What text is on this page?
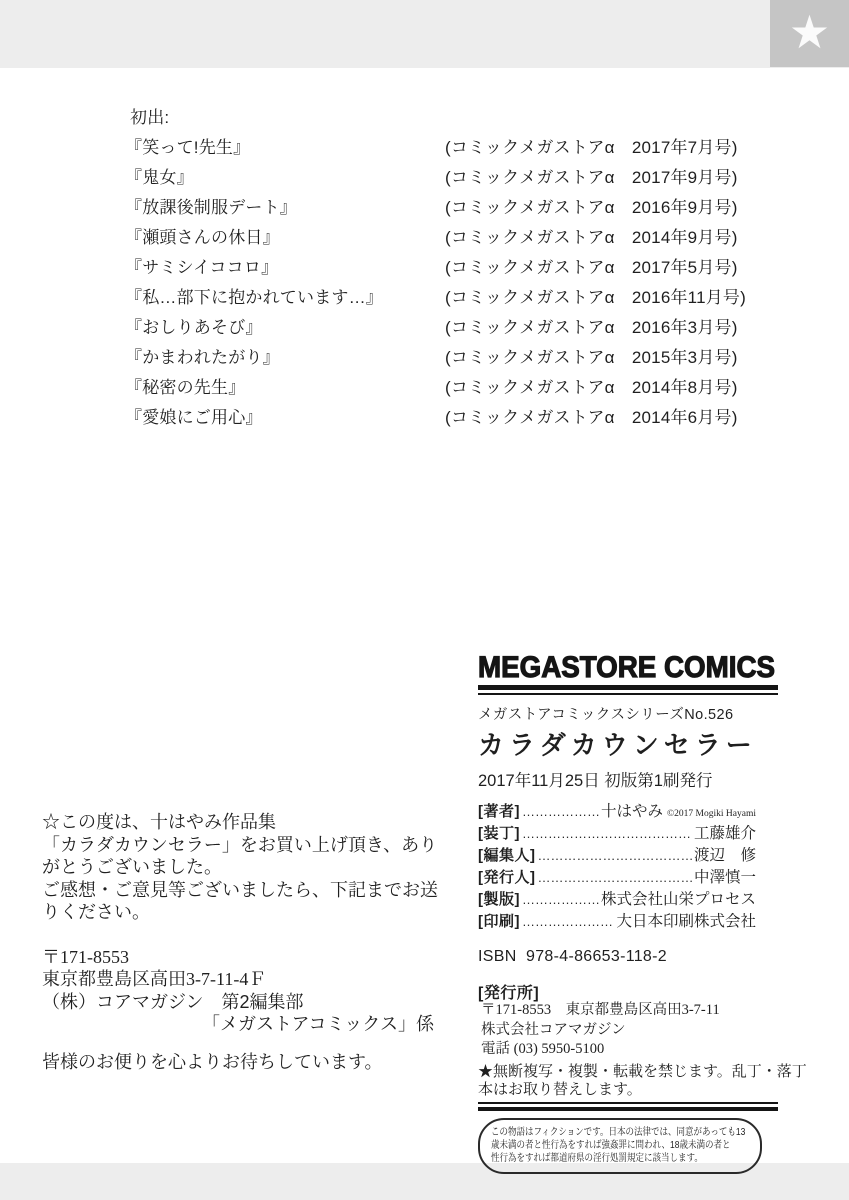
★
初出:
『笑って!先生』	(コミックメガストアα　2017年7月号)
『鬼女』	(コミックメガストアα　2017年9月号)
『放課後制服デート』	(コミックメガストアα　2016年9月号)
『瀬頭さんの休日』	(コミックメガストアα　2014年9月号)
『サミシイココロ』	(コミックメガストアα　2017年5月号)
『私…部下に抱かれています…』	(コミックメガストアα　2016年11月号)
『おしりあそび』	(コミックメガストアα　2016年3月号)
『かまわれたがり』	(コミックメガストアα　2015年3月号)
『秘密の先生』	(コミックメガストアα　2014年8月号)
『愛娘にご用心』	(コミックメガストアα　2014年6月号)
☆この度は、十はやみ作品集
「カラダカウンセラー」をお買い上げ頂き、あり
がとうございました。
ご感想・ご意見等ございましたら、下記までお送
りください。
〒171-8553
東京都豊島区高田3-7-11-4Ｆ
（株）コアマガジン　第2編集部
「メガストアコミックス」係
皆様のお便りを心よりお待ちしています。
MEGASTORE COMICS
メガストアコミックスシリーズNo.526
カラダカウンセラー
2017年11月25日 初版第1刷発行
[著者] …………………………………………………………	十はやみ ©2017 Mogiki Hayami
[装丁] …………………………………………………………	工藤雄介
[編集人] …………………………………………………………	渡辺　修
[発行人] …………………………………………………………	中澤慎一
[製版] …………………………………………………………	株式会社山栄プロセス
[印刷] …………………………………………………………	大日本印刷株式会社
ISBN  978-4-86653-118-2
[発行所]
〒171-8553　東京都豊島区高田3-7-11
株式会社コアマガジン
電話 (03) 5950-5100
★無断複写・複製・転載を禁じます。乱丁・落丁
本はお取り替えします。
この物語はフィクションです。日本の法律では、同意があっても13
歳未満の者と性行為をすれば強姦罪に問われ、18歳未満の者と
性行為をすれば都道府県の淫行処罰規定に該当します。
